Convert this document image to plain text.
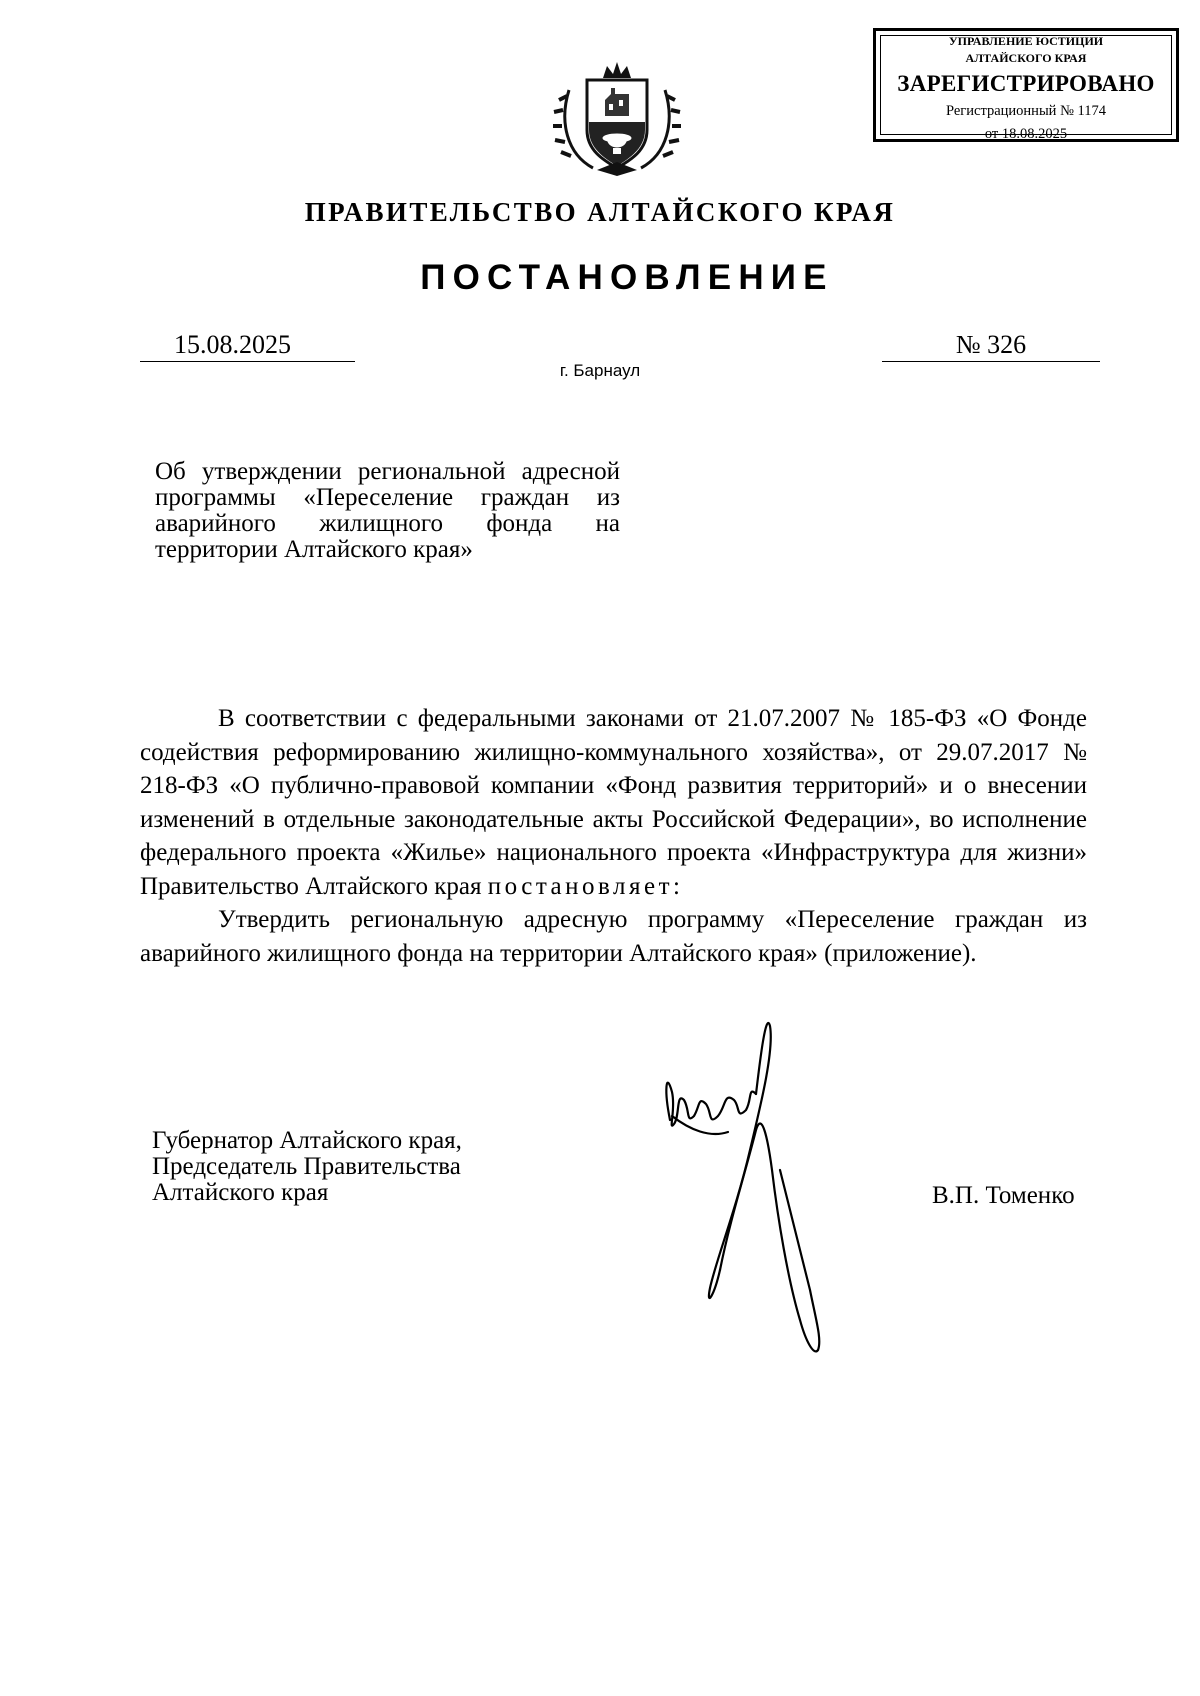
УПРАВЛЕНИЕ ЮСТИЦИИ
АЛТАЙСКОГО КРАЯ
ЗАРЕГИСТРИРОВАНО
Регистрационный № 1174
от 18.08.2025
ПРАВИТЕЛЬСТВО АЛТАЙСКОГО КРАЯ
ПОСТАНОВЛЕНИЕ
15.08.2025	№ 326
г. Барнаул
Об утверждении региональной адресной программы «Переселение граждан из аварийного жилищного фонда на территории Алтайского края»

В соответствии с федеральными законами от 21.07.2007 № 185-ФЗ «О Фонде содействия реформированию жилищно-коммунального хозяйства», от 29.07.2017 № 218-ФЗ «О публично-правовой компании «Фонд развития территорий» и о внесении изменений в отдельные законодательные акты Российской Федерации», во исполнение федерального проекта «Жилье» национального проекта «Инфраструктура для жизни» Правительство Алтайского края постановляет:

Утвердить региональную адресную программу «Переселение граждан из аварийного жилищного фонда на территории Алтайского края» (приложение).

Губернатор Алтайского края,
Председатель Правительства
Алтайского края	В.П. Томенко
